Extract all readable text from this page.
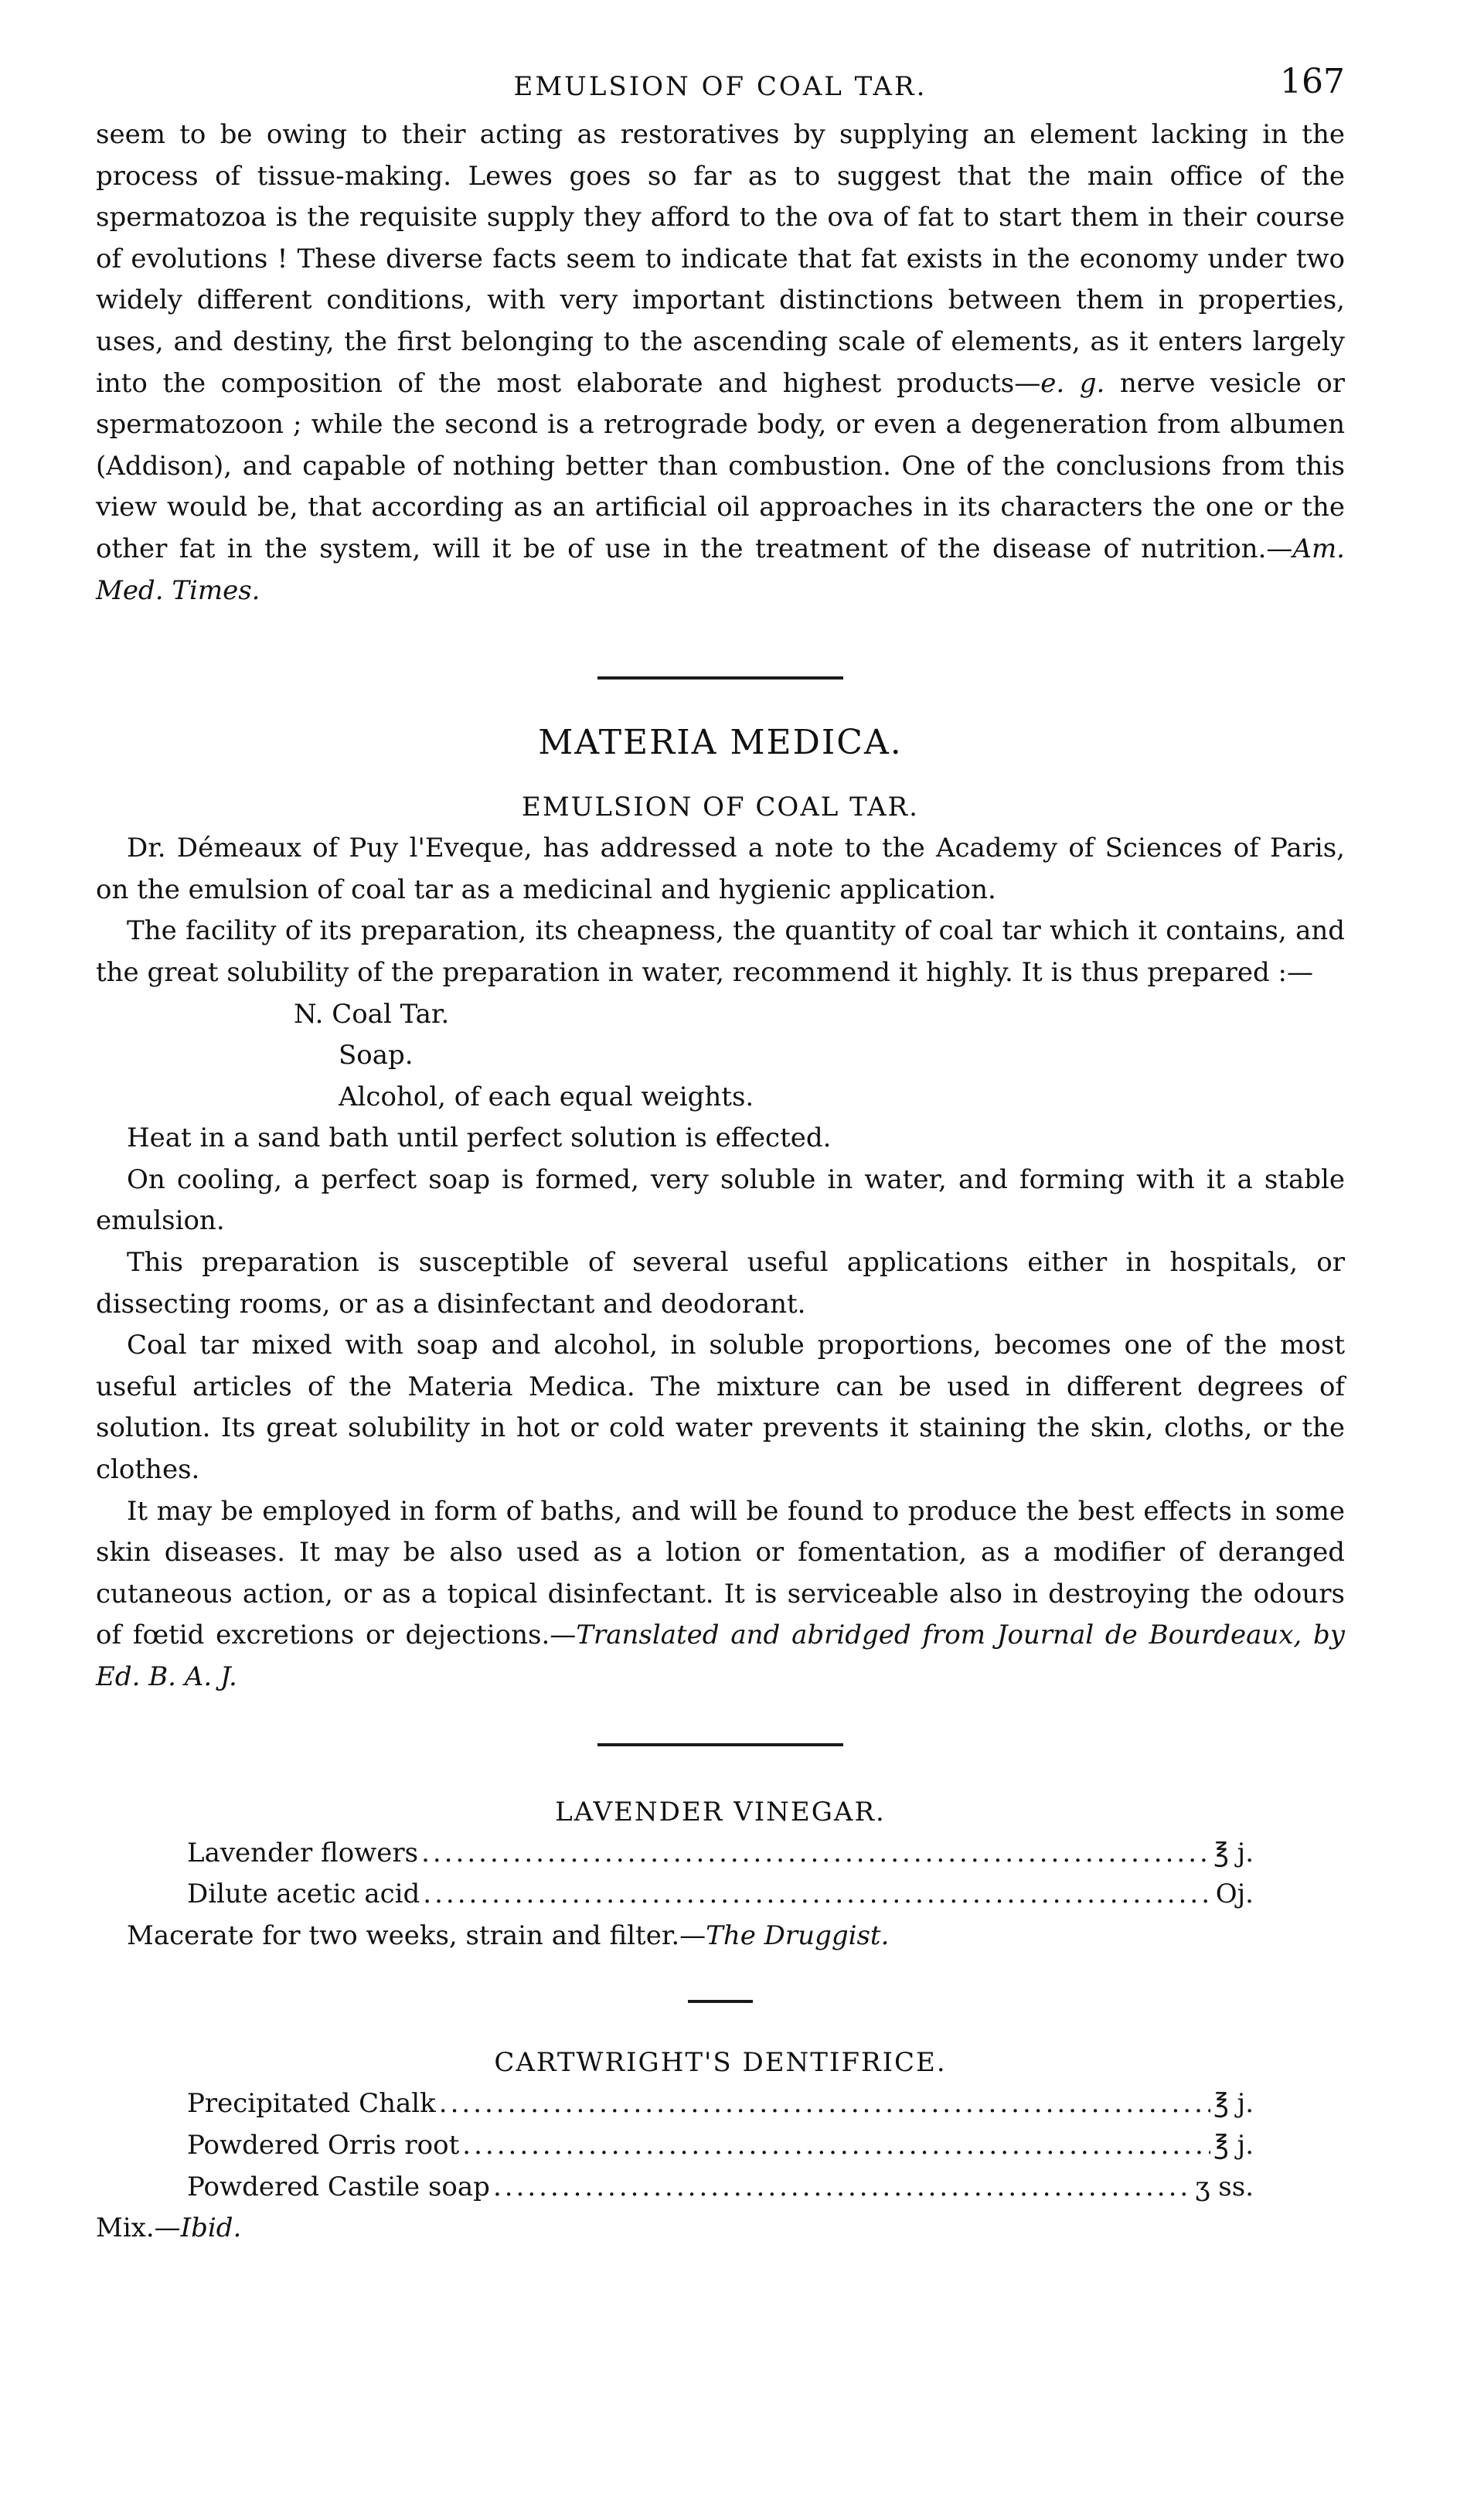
EMULSION OF COAL TAR.	167

seem to be owing to their acting as restoratives by supplying an element lacking in the process of tissue-making. Lewes goes so far as to suggest that the main office of the spermatozoa is the requisite supply they afford to the ova of fat to start them in their course of evolutions ! These diverse facts seem to indicate that fat exists in the economy under two widely different conditions, with very important distinctions between them in properties, uses, and destiny, the first belonging to the ascending scale of elements, as it enters largely into the composition of the most elaborate and highest products—e. g. nerve vesicle or spermatozoon ; while the second is a retrograde body, or even a degeneration from albumen (Addison), and capable of nothing better than combustion. One of the conclusions from this view would be, that according as an artificial oil approaches in its characters the one or the other fat in the system, will it be of use in the treatment of the disease of nutrition.—Am. Med. Times.

MATERIA MEDICA.
EMULSION OF COAL TAR.

Dr. Démeaux of Puy l'Eveque, has addressed a note to the Academy of Sciences of Paris, on the emulsion of coal tar as a medicinal and hygienic application.

The facility of its preparation, its cheapness, the quantity of coal tar which it contains, and the great solubility of the preparation in water, recommend it highly. It is thus prepared :—

N. Coal Tar.
Soap.
Alcohol, of each equal weights.

Heat in a sand bath until perfect solution is effected.

On cooling, a perfect soap is formed, very soluble in water, and forming with it a stable emulsion.

This preparation is susceptible of several useful applications either in hospitals, or dissecting rooms, or as a disinfectant and deodorant.

Coal tar mixed with soap and alcohol, in soluble proportions, becomes one of the most useful articles of the Materia Medica. The mixture can be used in different degrees of solution. Its great solubility in hot or cold water prevents it staining the skin, cloths, or the clothes.

It may be employed in form of baths, and will be found to produce the best effects in some skin diseases. It may be also used as a lotion or fomentation, as a modifier of deranged cutaneous action, or as a topical disinfectant. It is serviceable also in destroying the odours of fœtid excretions or dejections.—Translated and abridged from Journal de Bourdeaux, by Ed. B. A. J.

LAVENDER VINEGAR.
Lavender flowers .....	℥ j.
Dilute acetic acid .....	Oj.

Macerate for two weeks, strain and filter.—The Druggist.

CARTWRIGHT'S DENTIFRICE.
Precipitated Chalk .....	℥ j.
Powdered Orris root .....	℥ j.
Powdered Castile soap .....	ʒ ss.

Mix.—Ibid.
